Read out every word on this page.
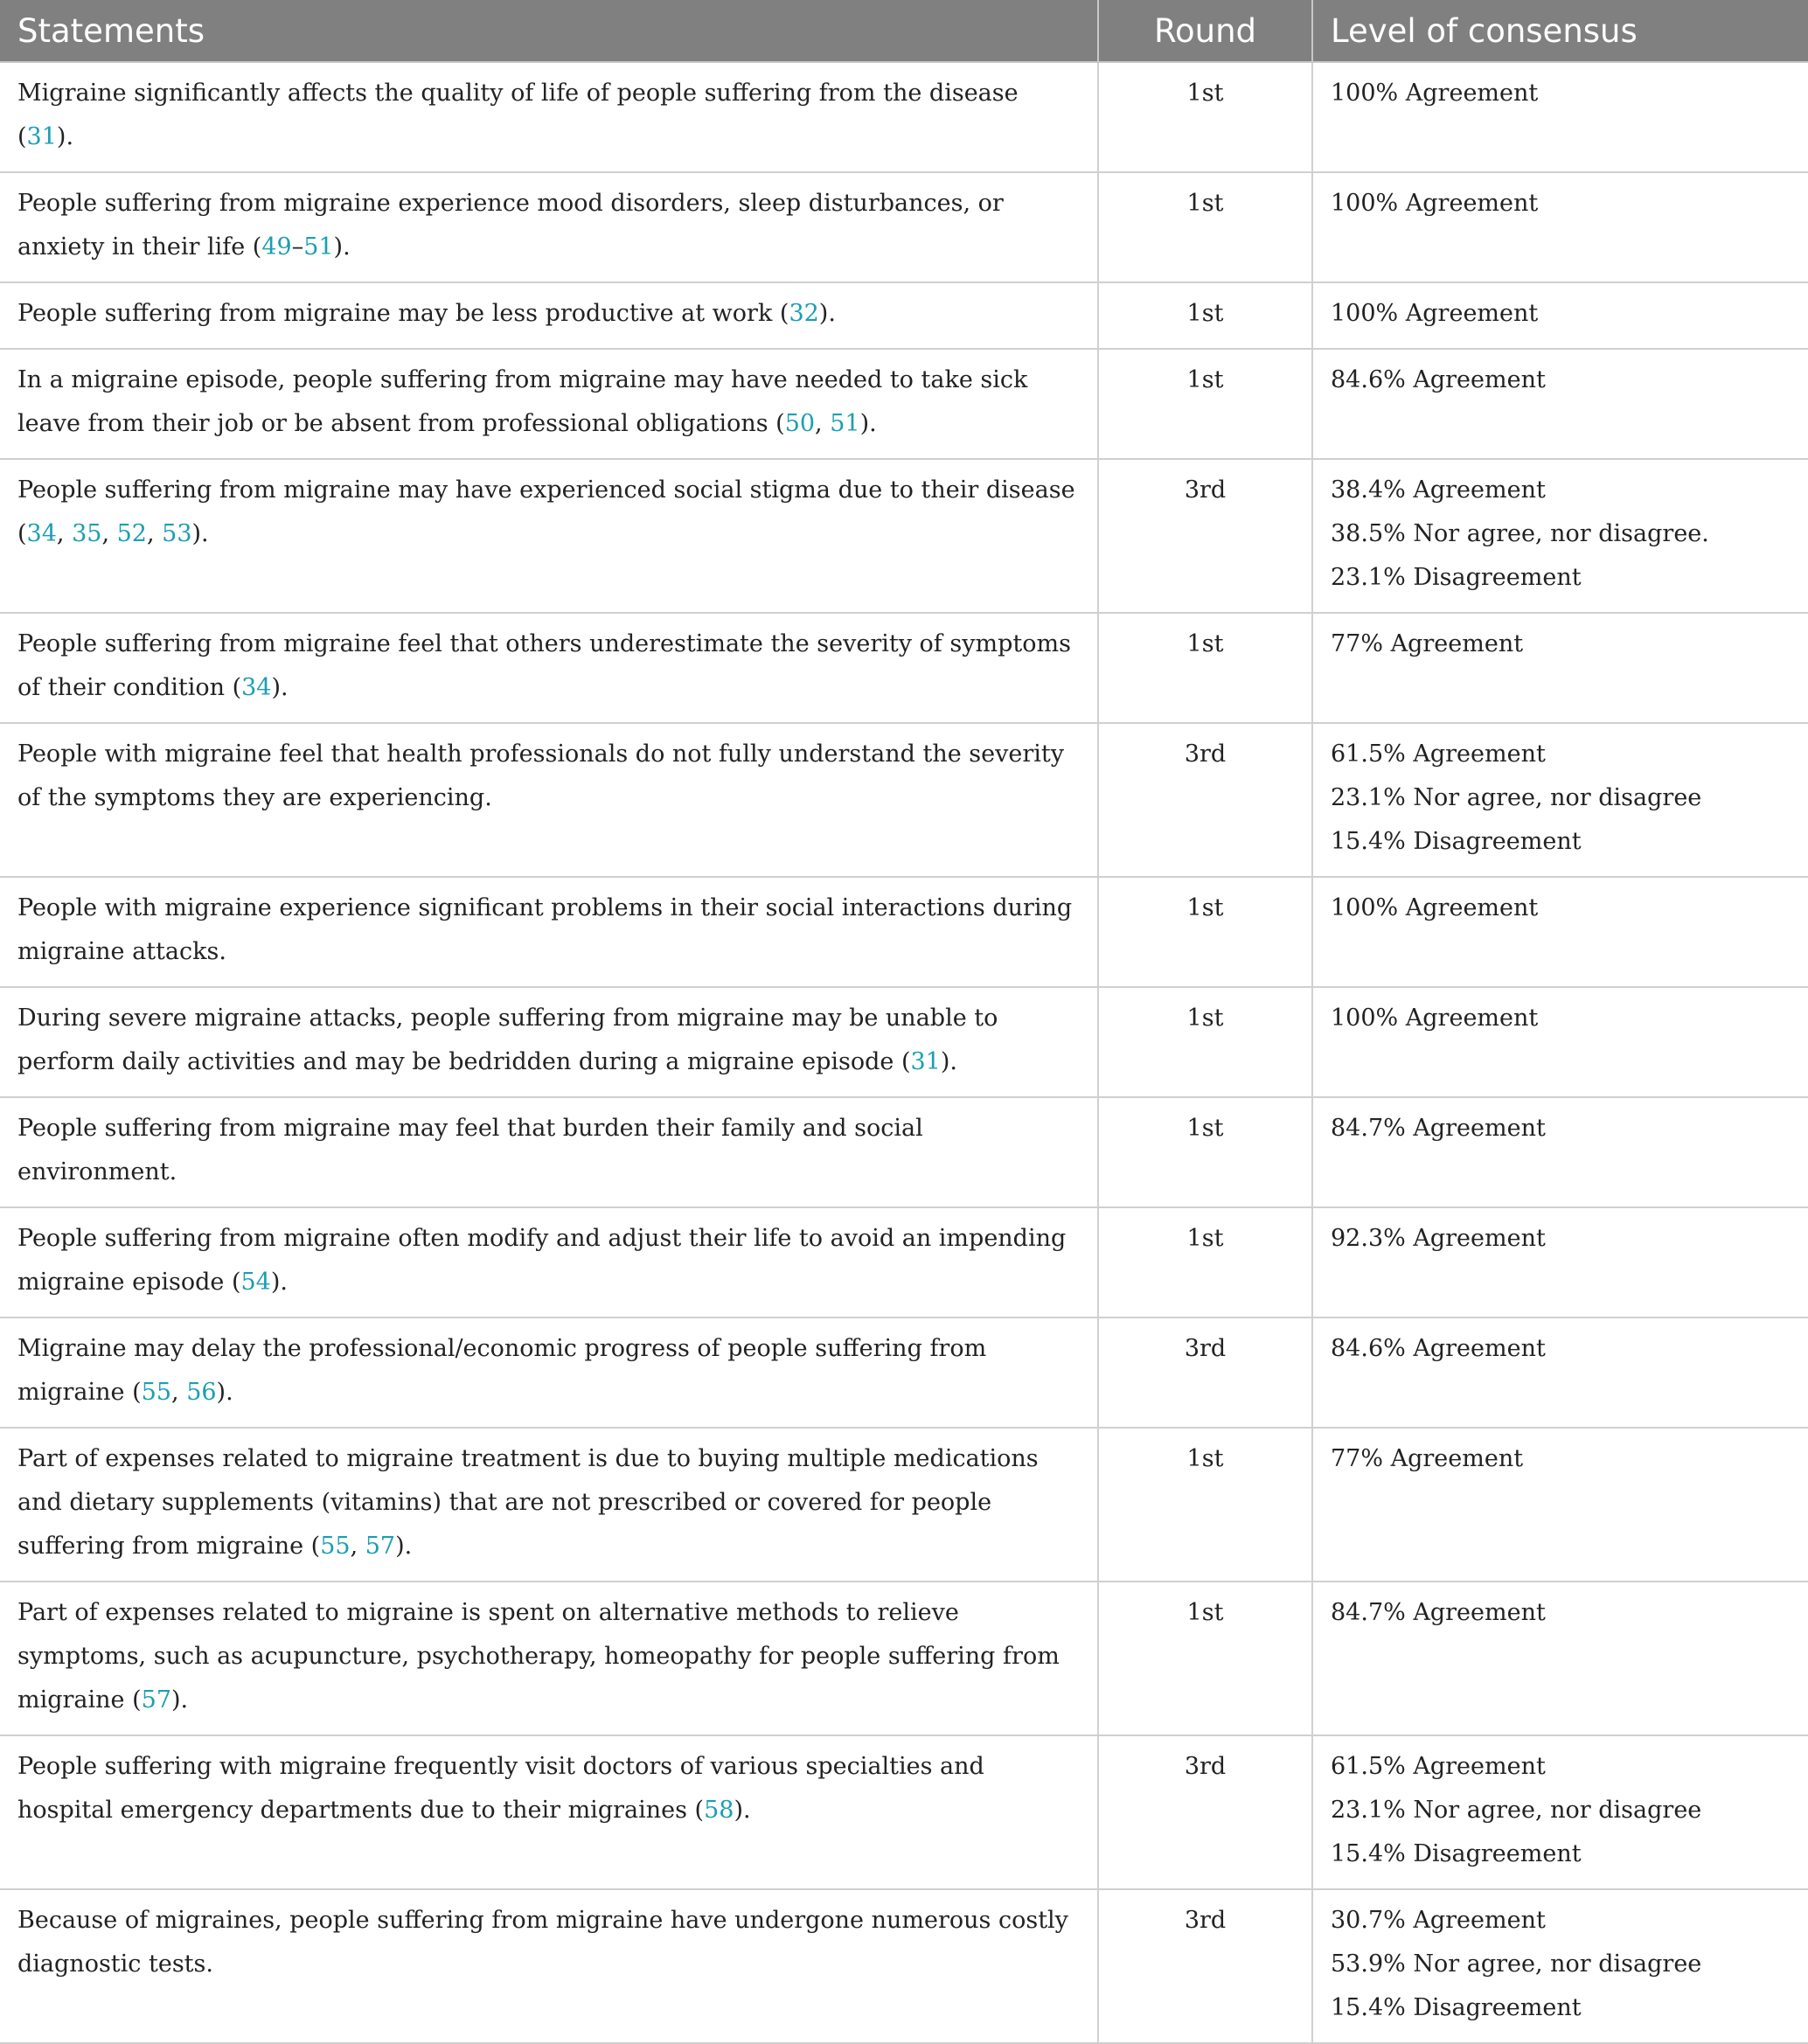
Statements	Round	Level of consensus
Migraine significantly affects the quality of life of people suffering from the disease (31).	1st	100% Agreement

People suffering from migraine experience mood disorders, sleep disturbances, or anxiety in their life (49–51).	1st	100% Agreement

People suffering from migraine may be less productive at work (32).	1st	100% Agreement

In a migraine episode, people suffering from migraine may have needed to take sick leave from their job or be absent from professional obligations (50, 51).	1st	84.6% Agreement

People suffering from migraine may have experienced social stigma due to their disease (34, 35, 52, 53).	3rd	38.4% Agreement
38.5% Nor agree, nor disagree.
23.1% Disagreement

People suffering from migraine feel that others underestimate the severity of symptoms of their condition (34).	1st	77% Agreement

People with migraine feel that health professionals do not fully understand the severity of the symptoms they are experiencing.	3rd	61.5% Agreement
23.1% Nor agree, nor disagree
15.4% Disagreement

People with migraine experience significant problems in their social interactions during migraine attacks.	1st	100% Agreement

During severe migraine attacks, people suffering from migraine may be unable to perform daily activities and may be bedridden during a migraine episode (31).	1st	100% Agreement

People suffering from migraine may feel that burden their family and social environment.	1st	84.7% Agreement

People suffering from migraine often modify and adjust their life to avoid an impending migraine episode (54).	1st	92.3% Agreement

Migraine may delay the professional/economic progress of people suffering from migraine (55, 56).	3rd	84.6% Agreement

Part of expenses related to migraine treatment is due to buying multiple medications and dietary supplements (vitamins) that are not prescribed or covered for people suffering from migraine (55, 57).	1st	77% Agreement

Part of expenses related to migraine is spent on alternative methods to relieve symptoms, such as acupuncture, psychotherapy, homeopathy for people suffering from migraine (57).	1st	84.7% Agreement

People suffering with migraine frequently visit doctors of various specialties and hospital emergency departments due to their migraines (58).	3rd	61.5% Agreement
23.1% Nor agree, nor disagree
15.4% Disagreement

Because of migraines, people suffering from migraine have undergone numerous costly diagnostic tests.	3rd	30.7% Agreement
53.9% Nor agree, nor disagree
15.4% Disagreement
